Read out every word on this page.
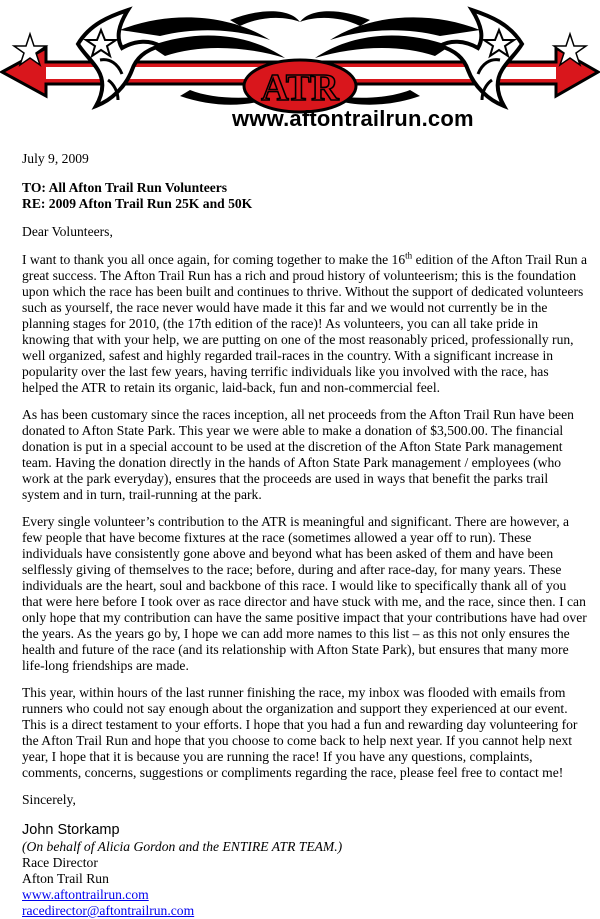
ATR
www.aftontrailrun.com

July 9, 2009

TO: All Afton Trail Run Volunteers

RE: 2009 Afton Trail Run 25K and 50K

Dear Volunteers,

I want to thank you all once again, for coming together to make the 16th edition of the Afton Trail Run a great success. The Afton Trail Run has a rich and proud history of volunteerism; this is the foundation upon which the race has been built and continues to thrive. Without the support of dedicated volunteers such as yourself, the race never would have made it this far and we would not currently be in the planning stages for 2010, (the 17th edition of the race)! As volunteers, you can all take pride in knowing that with your help, we are putting on one of the most reasonably priced, professionally run, well organized, safest and highly regarded trail-races in the country. With a significant increase in popularity over the last few years, having terrific individuals like you involved with the race, has helped the ATR to retain its organic, laid-back, fun and non-commercial feel.

As has been customary since the races inception, all net proceeds from the Afton Trail Run have been donated to Afton State Park. This year we were able to make a donation of $3,500.00. The financial donation is put in a special account to be used at the discretion of the Afton State Park management team. Having the donation directly in the hands of Afton State Park management / employees (who work at the park everyday), ensures that the proceeds are used in ways that benefit the parks trail system and in turn, trail-running at the park.

Every single volunteer’s contribution to the ATR is meaningful and significant. There are however, a few people that have become fixtures at the race (sometimes allowed a year off to run). These individuals have consistently gone above and beyond what has been asked of them and have been selflessly giving of themselves to the race; before, during and after race-day, for many years. These individuals are the heart, soul and backbone of this race. I would like to specifically thank all of you that were here before I took over as race director and have stuck with me, and the race, since then. I can only hope that my contribution can have the same positive impact that your contributions have had over the years. As the years go by, I hope we can add more names to this list – as this not only ensures the health and future of the race (and its relationship with Afton State Park), but ensures that many more life-long friendships are made.

This year, within hours of the last runner finishing the race, my inbox was flooded with emails from runners who could not say enough about the organization and support they experienced at our event. This is a direct testament to your efforts. I hope that you had a fun and rewarding day volunteering for the Afton Trail Run and hope that you choose to come back to help next year. If you cannot help next year, I hope that it is because you are running the race! If you have any questions, complaints, comments, concerns, suggestions or compliments regarding the race, please feel free to contact me!

Sincerely,

John Storkamp

(On behalf of Alicia Gordon and the ENTIRE ATR TEAM.)

Race Director

Afton Trail Run

www.aftontrailrun.com

racedirector@aftontrailrun.com
